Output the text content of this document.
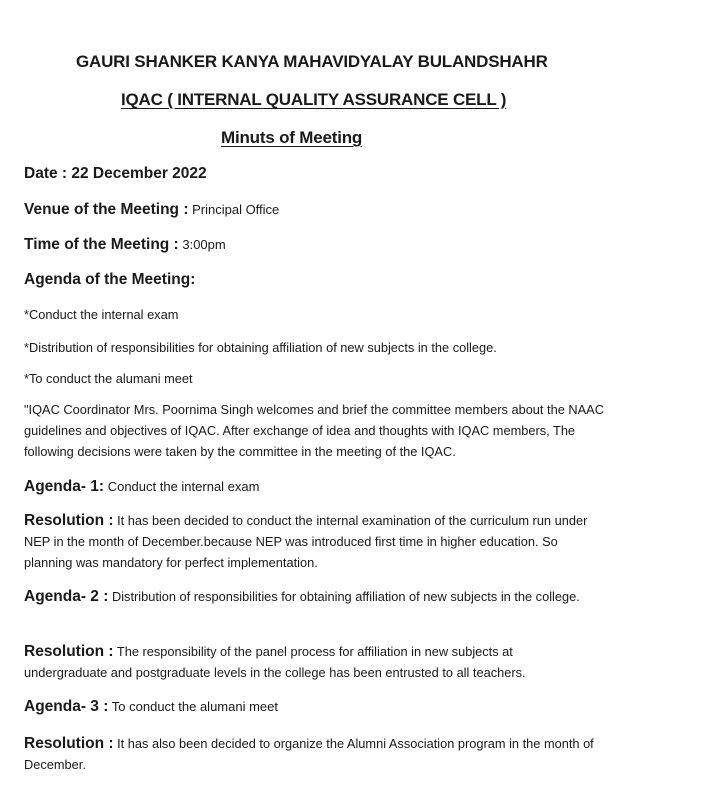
GAURI SHANKER KANYA MAHAVIDYALAY BULANDSHAHR
IQAC ( INTERNAL QUALITY ASSURANCE CELL )
Minuts of Meeting
Date : 22 December 2022
Venue of the Meeting : Principal Office
Time of the Meeting : 3:00pm
Agenda of the Meeting:
*Conduct the internal exam
*Distribution of responsibilities for obtaining affiliation of new subjects in the college.
*To conduct the alumani meet
"IQAC Coordinator Mrs. Poornima Singh welcomes and brief the committee members about the NAAC guidelines and objectives of IQAC. After exchange of idea and thoughts with IQAC members, The following decisions were taken by the committee in the meeting of the IQAC.
Agenda- 1: Conduct the internal exam
Resolution : It has been decided to conduct the internal examination of the curriculum run under NEP in the month of December.because NEP was introduced first time in higher education. So planning was mandatory for perfect implementation.
Agenda- 2 : Distribution of responsibilities for obtaining affiliation of new subjects in the college.
Resolution : The responsibility of the panel process for affiliation in new subjects at undergraduate and postgraduate levels in the college has been entrusted to all teachers.
Agenda- 3 : To conduct the alumani meet
Resolution : It has also been decided to organize the Alumni Association program in the month of December.
